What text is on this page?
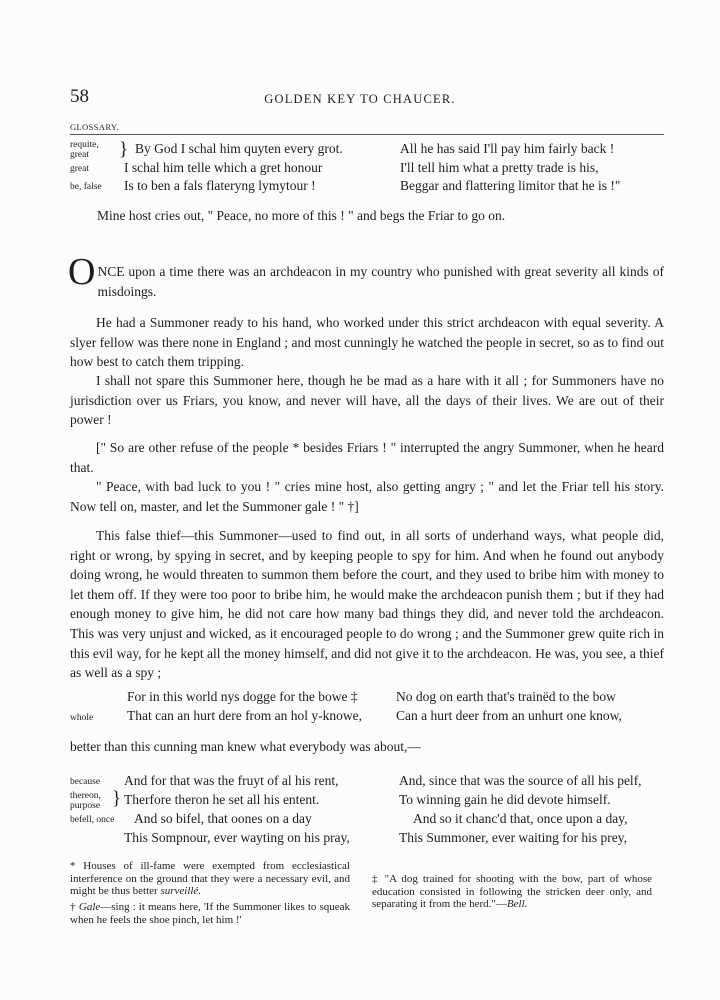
58	GOLDEN KEY TO CHAUCER.
GLOSSARY.
requite, great	} By God I schal him quyten every grot.	All he has said I'll pay him fairly back !
great	I schal him telle which a gret honour	I'll tell him what a pretty trade is his,
be, false	Is to ben a fals flateryng lymytour !	Beggar and flattering limitor that he is !"
Mine host cries out, " Peace, no more of this ! " and begs the Friar to go on.

ONCE upon a time there was an archdeacon in my country who punished with great severity all kinds of misdoings.

He had a Summoner ready to his hand, who worked under this strict archdeacon with equal severity. A slyer fellow was there none in England ; and most cunningly he watched the people in secret, so as to find out how best to catch them tripping.

I shall not spare this Summoner here, though he be mad as a hare with it all ; for Summoners have no jurisdiction over us Friars, you know, and never will have, all the days of their lives. We are out of their power !

[" So are other refuse of the people * besides Friars ! " interrupted the angry Summoner, when he heard that.

" Peace, with bad luck to you ! " cries mine host, also getting angry ; " and let the Friar tell his story. Now tell on, master, and let the Summoner gale ! " †]

This false thief—this Summoner—used to find out, in all sorts of underhand ways, what people did, right or wrong, by spying in secret, and by keeping people to spy for him. And when he found out anybody doing wrong, he would threaten to summon them before the court, and they used to bribe him with money to let them off. If they were too poor to bribe him, he would make the archdeacon punish them ; but if they had enough money to give him, he did not care how many bad things they did, and never told the archdeacon. This was very unjust and wicked, as it encouraged people to do wrong ; and the Summoner grew quite rich in this evil way, for he kept all the money himself, and did not give it to the archdeacon. He was, you see, a thief as well as a spy ;

For in this world nys dogge for the bowe ‡	No dog on earth that's trainëd to the bow
whole	That can an hurt dere from an hol y-knowe,	Can a hurt deer from an unhurt one know,
better than this cunning man knew what everybody was about,—
because	And for that was the fruyt of al his rent,	And, since that was the source of all his pelf,
thereon, purpose } Therfore theron he set all his entent.	To winning gain he did devote himself.
befell, once	And so bifel, that oones on a day	And so it chanc'd that, once upon a day,
This Sompnour, ever wayting on his pray,	This Summoner, ever waiting for his prey,

* Houses of ill-fame were exempted from ecclesiastical interference on the ground that they were a necessary evil, and might be thus better surveillé.

† Gale—sing : it means here, 'If the Summoner likes to squeak when he feels the shoe pinch, let him !'

‡ "A dog trained for shooting with the bow, part of whose education consisted in following the stricken deer only, and separating it from the herd."—Bell.
